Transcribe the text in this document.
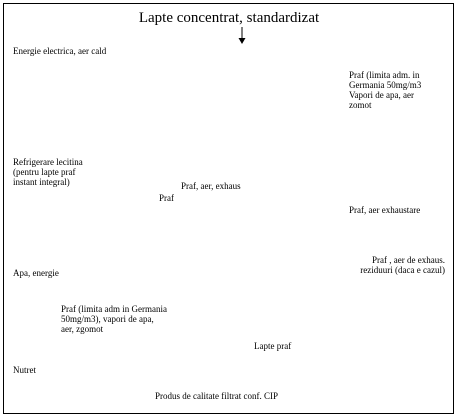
Lapte concentrat, standardizat
Energie electrica, aer cald
Praf (limita adm. in
Germania 50mg/m3
Vapori de apa, aer
zomot
Refrigerare lecitina
(pentru lapte praf
instant integral)	Praf, aer, exhaus
Praf
Praf, aer exhaustare
Praf , aer de exhaus.
reziduuri (daca e cazul)
Apa, energie
Praf (limita adm in Germania
50mg/m3), vapori de apa,
aer, zgomot
Lapte praf
Nutret
Produs de calitate filtrat conf. CIP
